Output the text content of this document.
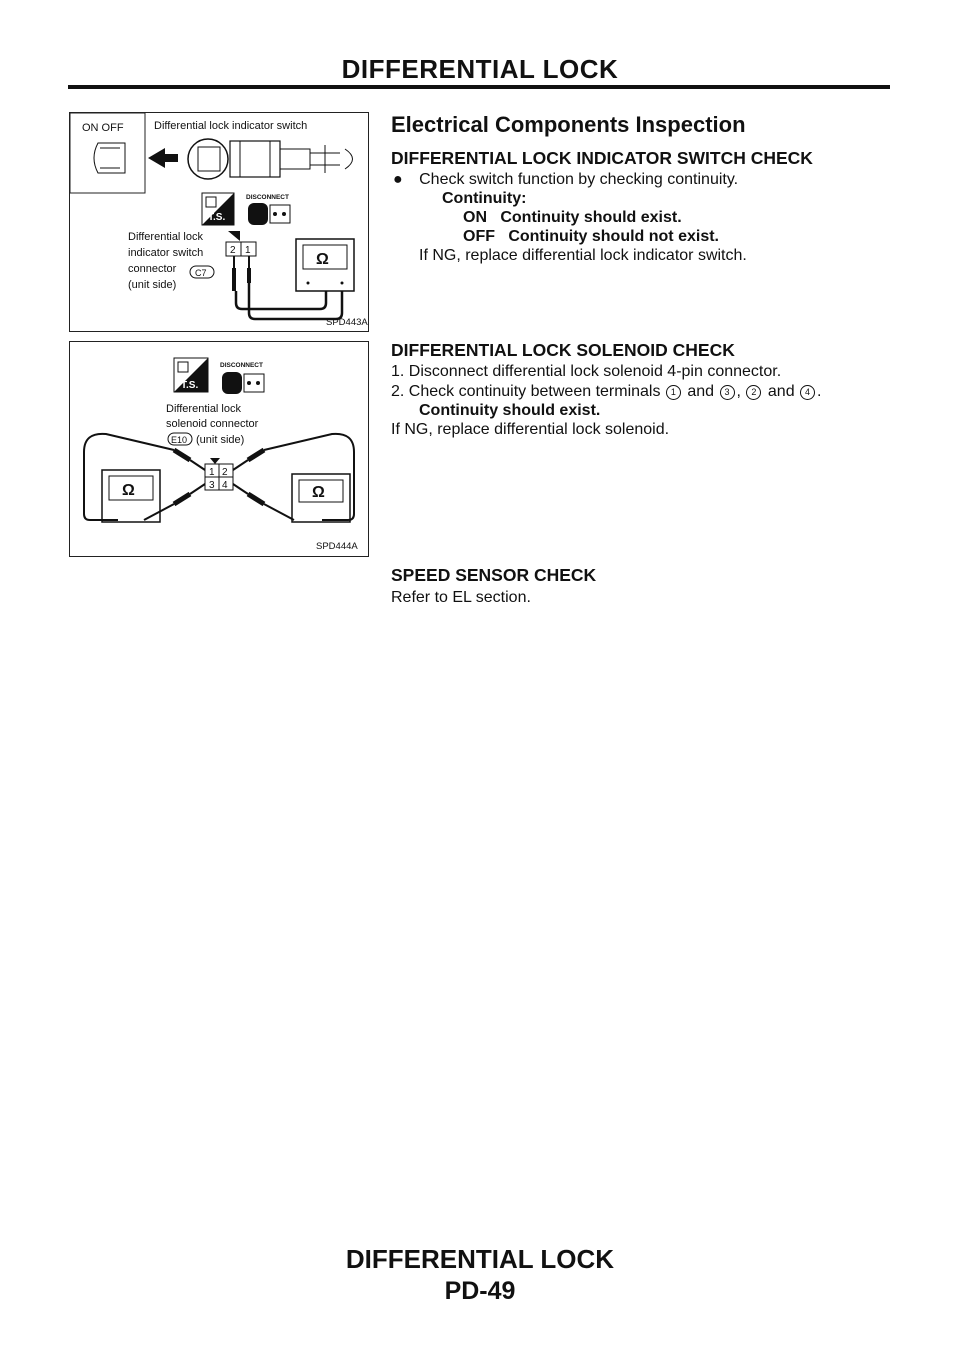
DIFFERENTIAL LOCK
ON OFF	Differential lock indicator switch
T.S.
DISCONNECT
Differential lock
indicator switch
connector
(unit side)
C7
2 1
Ω
SPD443A
T.S.
DISCONNECT
Differential lock
solenoid connector
E10 (unit side)
1 2
3 4
Ω	Ω
SPD444A
Electrical Components Inspection
DIFFERENTIAL LOCK INDICATOR SWITCH CHECK
● Check switch function by checking continuity.
Continuity:
ON   Continuity should exist.
OFF   Continuity should not exist.
If NG, replace differential lock indicator switch.
DIFFERENTIAL LOCK SOLENOID CHECK
1. Disconnect differential lock solenoid 4-pin connector.
2. Check continuity between terminals 1 and 3 , 2 and 4 .
Continuity should exist.
If NG, replace differential lock solenoid.
SPEED SENSOR CHECK
Refer to EL section.
DIFFERENTIAL LOCK
PD-49
